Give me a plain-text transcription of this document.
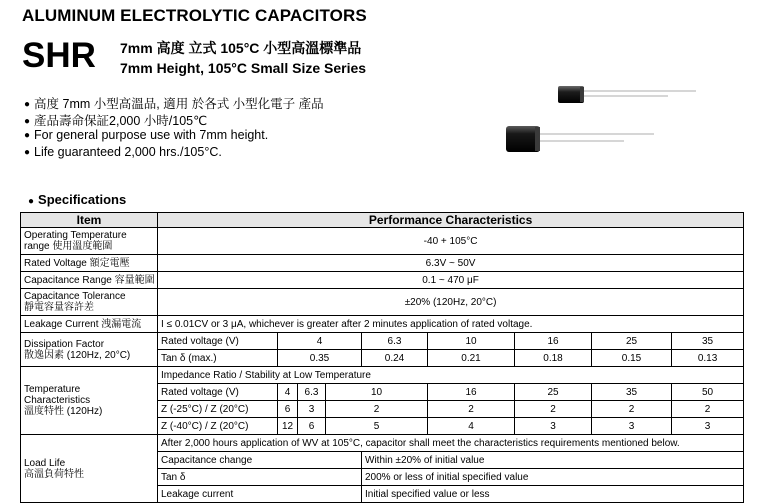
ALUMINUM ELECTROLYTIC CAPACITORS
SHR 7mm 高度 立式 105°C 小型高溫標準品
7mm Height, 105°C Small Size Series
● 高度 7mm 小型高溫品, 適用 於各式 小型化電子 產品
● 產品壽命保証2,000 小時/105℃
● For general purpose use with 7mm height.
● Life guaranteed 2,000 hrs./105°C.
● Specifications
Item	Performance Characteristics									

Operating Temperature
range 使用溫度範圍	-40 + 105°C									
Rated Voltage 額定電壓	6.3V ~ 50V									
Capacitance Range 容量範圍	0.1 ~ 470 μF									

Capacitance Tolerance
靜電容量容許差	±20% (120Hz, 20°C)									
Leakage Current 洩漏電流	I ≤ 0.01CV or 3 μA, whichever is greater after 2 minutes application of rated voltage.									

Dissipation Factor
散逸因素 (120Hz, 20°C)	Rated voltage (V)	4			6.3	10	16	25	35	
	Tan δ (max.)	0.35			0.24	0.21	0.18	0.15	0.13	

Temperature
Characteristics
溫度特性 (120Hz)	Impedance Ratio / Stability at Low Temperature									
	Rated voltage (V)	4	6.3	10		16	25	35	50	
	Z (-25°C) / Z (20°C)	6	3	2		2	2	2	2	
	Z (-40°C) / Z (20°C)	12	6	5		4	3	3	3	

Load Life
高溫負荷特性	After 2,000 hours application of WV at 105°C, capacitor shall meet the characteristics requirements mentioned below.									
	Capacitance change				Within ±20% of initial value					
	Tan δ				200% or less of initial specified value					
	Leakage current				Initial specified value or less					
